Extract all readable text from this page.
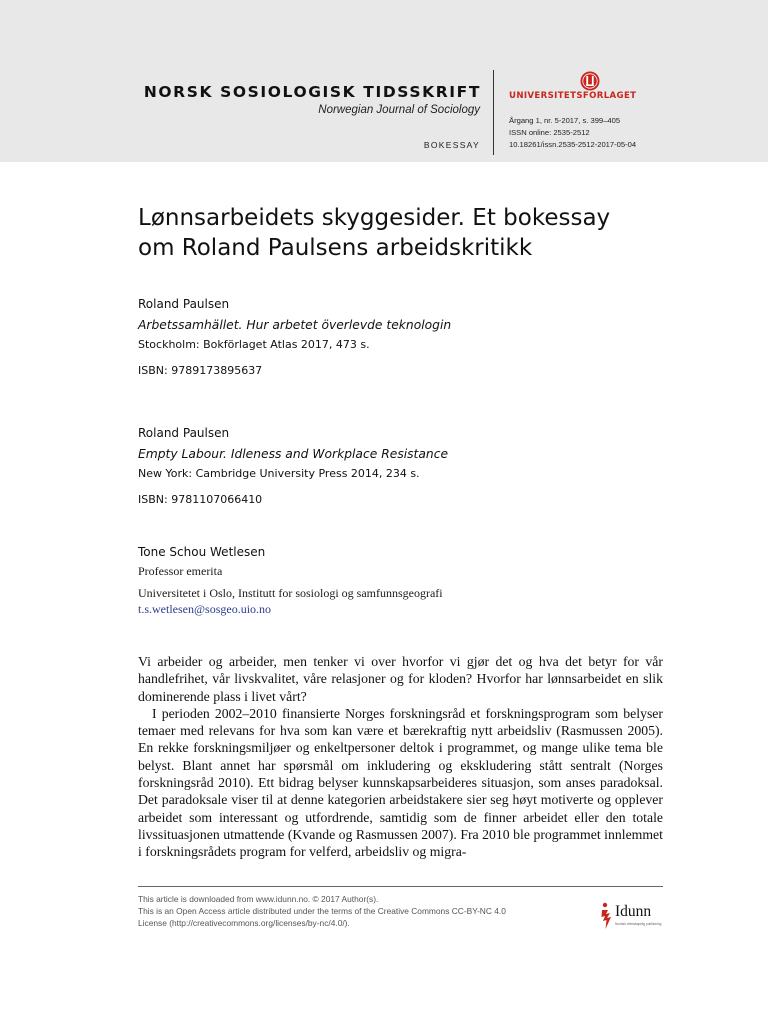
NORSK SOSIOLOGISK TIDSSKRIFT
Norwegian Journal of Sociology
BOKESSAY
UNIVERSITETSFORLAGET
Årgang 1, nr. 5-2017, s. 399–405
ISSN online: 2535-2512
10.18261/issn.2535-2512-2017-05-04
Lønnsarbeidets skyggesider. Et bokessay
om Roland Paulsens arbeidskritikk
Roland Paulsen
Arbetssamhället. Hur arbetet överlevde teknologin
Stockholm: Bokförlaget Atlas 2017, 473 s.
ISBN: 9789173895637
Roland Paulsen
Empty Labour. Idleness and Workplace Resistance
New York: Cambridge University Press 2014, 234 s.
ISBN: 9781107066410
Tone Schou Wetlesen
Professor emerita
Universitetet i Oslo, Institutt for sosiologi og samfunnsgeografi
t.s.wetlesen@sosgeo.uio.no

Vi arbeider og arbeider, men tenker vi over hvorfor vi gjør det og hva det betyr for vår handlefrihet, vår livskvalitet, våre relasjoner og for kloden? Hvorfor har lønnsarbeidet en slik dominerende plass i livet vårt?

I perioden 2002–2010 finansierte Norges forskningsråd et forskningsprogram som belyser temaer med relevans for hva som kan være et bærekraftig nytt arbeidsliv (Rasmussen 2005). En rekke forskningsmiljøer og enkeltpersoner deltok i programmet, og mange ulike tema ble belyst. Blant annet har spørsmål om inkludering og ekskludering stått sentralt (Norges forskningsråd 2010). Ett bidrag belyser kunnskapsarbeideres situasjon, som anses paradoksal. Det paradoksale viser til at denne kategorien arbeidstakere sier seg høyt motiverte og opplever arbeidet som interessant og utfordrende, samtidig som de finner arbeidet eller den totale livssituasjonen utmattende (Kvande og Rasmussen 2007). Fra 2010 ble programmet innlemmet i forskningsrådets program for velferd, arbeidsliv og migra-

This article is downloaded from www.idunn.no. © 2017 Author(s).
This is an Open Access article distributed under the terms of the Creative Commons CC-BY-NC 4.0
License (http://creativecommons.org/licenses/by-nc/4.0/).
Idunn
Nordisk vitenskapelig publisering
